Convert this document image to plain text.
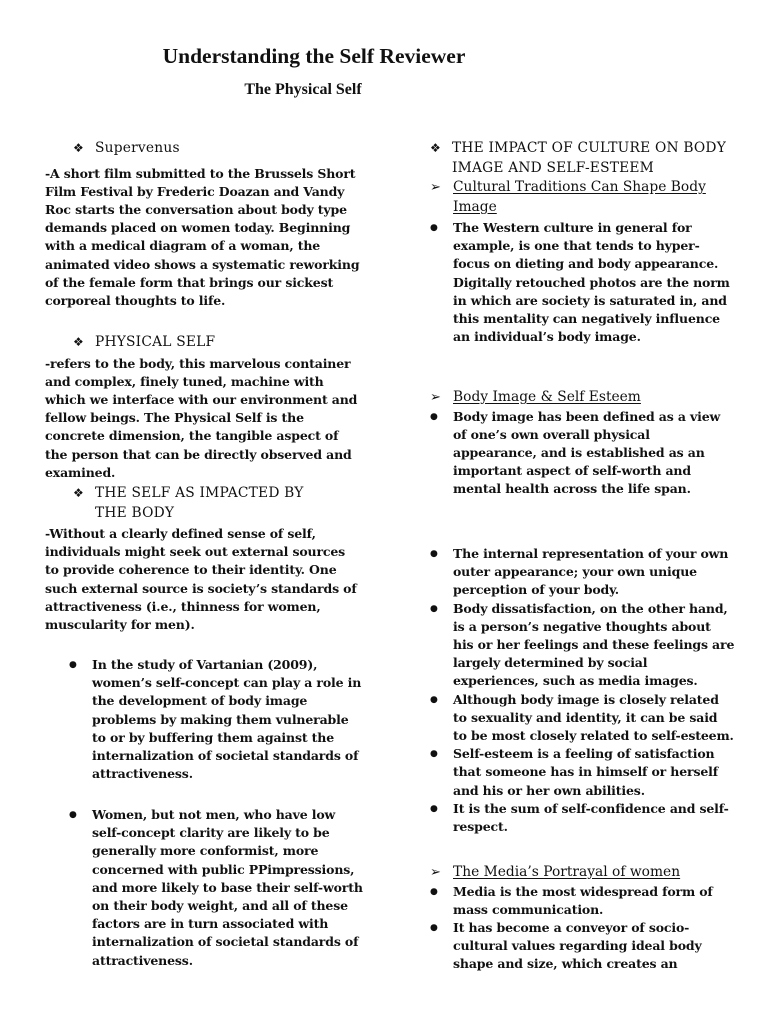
Understanding the Self Reviewer
The Physical Self
❖ Supervenus

-A short film submitted to the Brussels Short Film Festival by Frederic Doazan and Vandy Roc starts the conversation about body type demands placed on women today. Beginning with a medical diagram of a woman, the animated video shows a systematic reworking of the female form that brings our sickest corporeal thoughts to life.

❖ PHYSICAL SELF

-refers to the body, this marvelous container and complex, finely tuned, machine with which we interface with our environment and fellow beings. The Physical Self is the concrete dimension, the tangible aspect of the person that can be directly observed and examined.

❖ THE SELF AS IMPACTED BY THE BODY

-Without a clearly defined sense of self, individuals might seek out external sources to provide coherence to their identity. One such external source is society’s standards of attractiveness (i.e., thinness for women, muscularity for men).

●	In the study of Vartanian (2009), women’s self-concept can play a role in the development of body image problems by making them vulnerable to or by buffering them against the internalization of societal standards of attractiveness.
●	Women, but not men, who have low self-concept clarity are likely to be generally more conformist, more concerned with public PPimpressions, and more likely to base their self-worth on their body weight, and all of these factors are in turn associated with internalization of societal standards of attractiveness.
❖ THE IMPACT OF CULTURE ON BODY IMAGE AND SELF-ESTEEM
➢ Cultural Traditions Can Shape Body Image
●	The Western culture in general for example, is one that tends to hyper-focus on dieting and body appearance. Digitally retouched photos are the norm in which are society is saturated in, and this mentality can negatively influence an individual’s body image.
➢ Body Image & Self Esteem
●	Body image has been defined as a view of one’s own overall physical appearance, and is established as an important aspect of self-worth and mental health across the life span.
●	The internal representation of your own outer appearance; your own unique perception of your body.
●	Body dissatisfaction, on the other hand, is a person’s negative thoughts about his or her feelings and these feelings are largely determined by social experiences, such as media images.
●	Although body image is closely related to sexuality and identity, it can be said to be most closely related to self-esteem.
●	Self-esteem is a feeling of satisfaction that someone has in himself or herself and his or her own abilities.
●	It is the sum of self-confidence and self-respect.
➢ The Media’s Portrayal of women
●	Media is the most widespread form of mass communication.
●	It has become a conveyor of socio-cultural values regarding ideal body shape and size, which creates an
